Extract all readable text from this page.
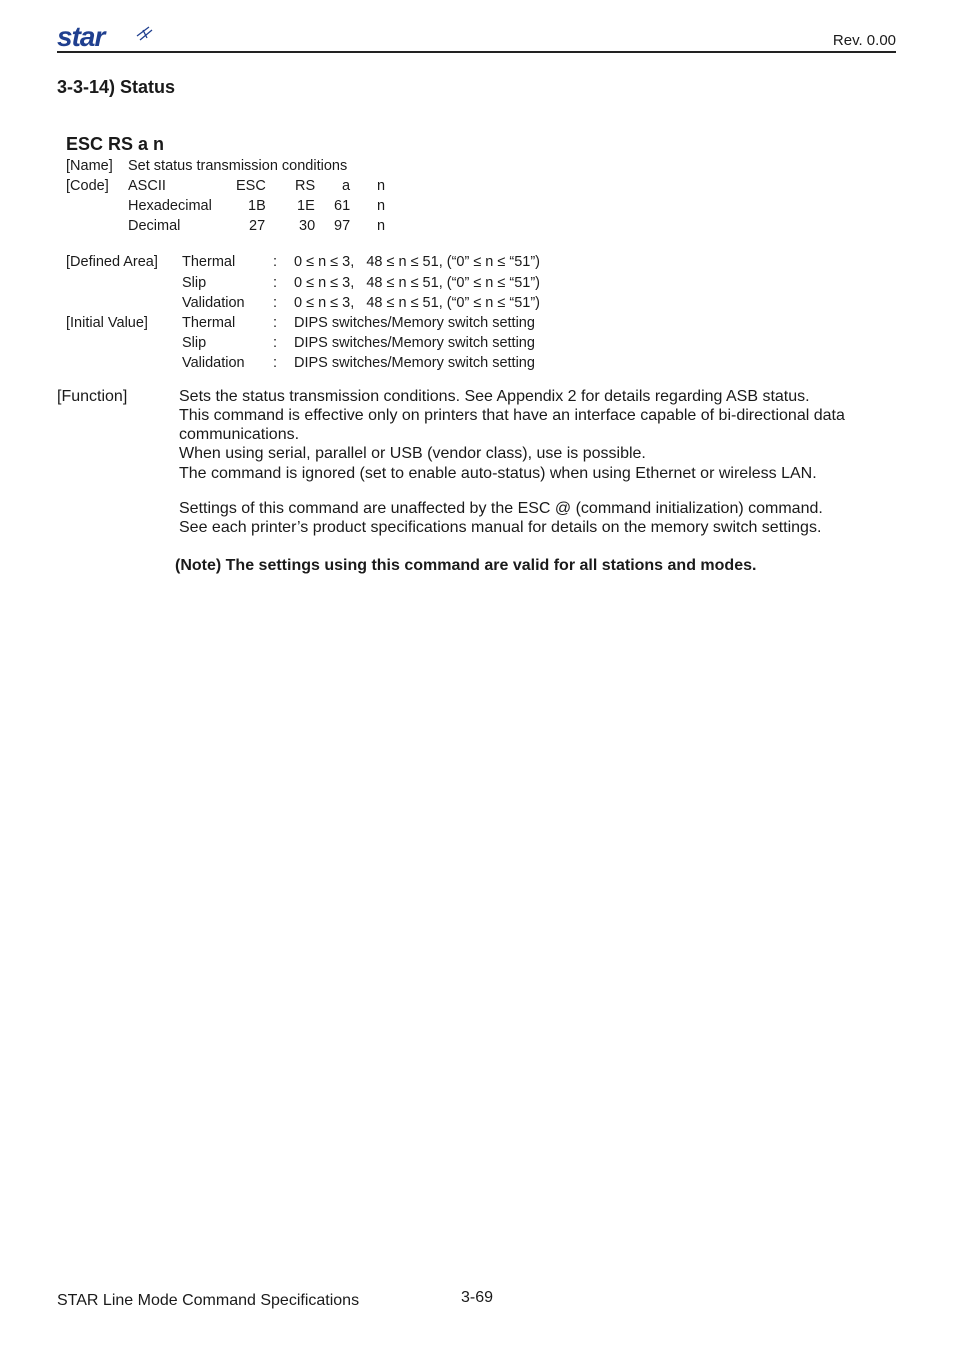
star	Rev. 0.00
3-3-14) Status
ESC RS a n
[Name] Set status transmission conditions
[Code] ASCII	ESC RS a n
Hexadecimal 1B 1E 61 n
Decimal	27 30 97 n
[Defined Area] Thermal	: 0 ≤ n ≤ 3,   48 ≤ n ≤ 51, (“0” ≤ n ≤ “51”)
Slip	: 0 ≤ n ≤ 3,   48 ≤ n ≤ 51, (“0” ≤ n ≤ “51”)
Validation : 0 ≤ n ≤ 3,   48 ≤ n ≤ 51, (“0” ≤ n ≤ “51”)
[Initial Value] Thermal	: DIPS switches/Memory switch setting
Slip	: DIPS switches/Memory switch setting
Validation : DIPS switches/Memory switch setting
[Function]	Sets the status transmission conditions. See Appendix 2 for details regarding ASB status.
This command is effective only on printers that have an interface capable of bi-directional data
communications.
When using serial, parallel or USB (vendor class), use is possible.
The command is ignored (set to enable auto-status) when using Ethernet or wireless LAN.
Settings of this command are unaffected by the ESC @ (command initialization) command.
See each printer’s product specifications manual for details on the memory switch settings.
(Note) The settings using this command are valid for all stations and modes.
STAR Line Mode Command Specifications	3-69
